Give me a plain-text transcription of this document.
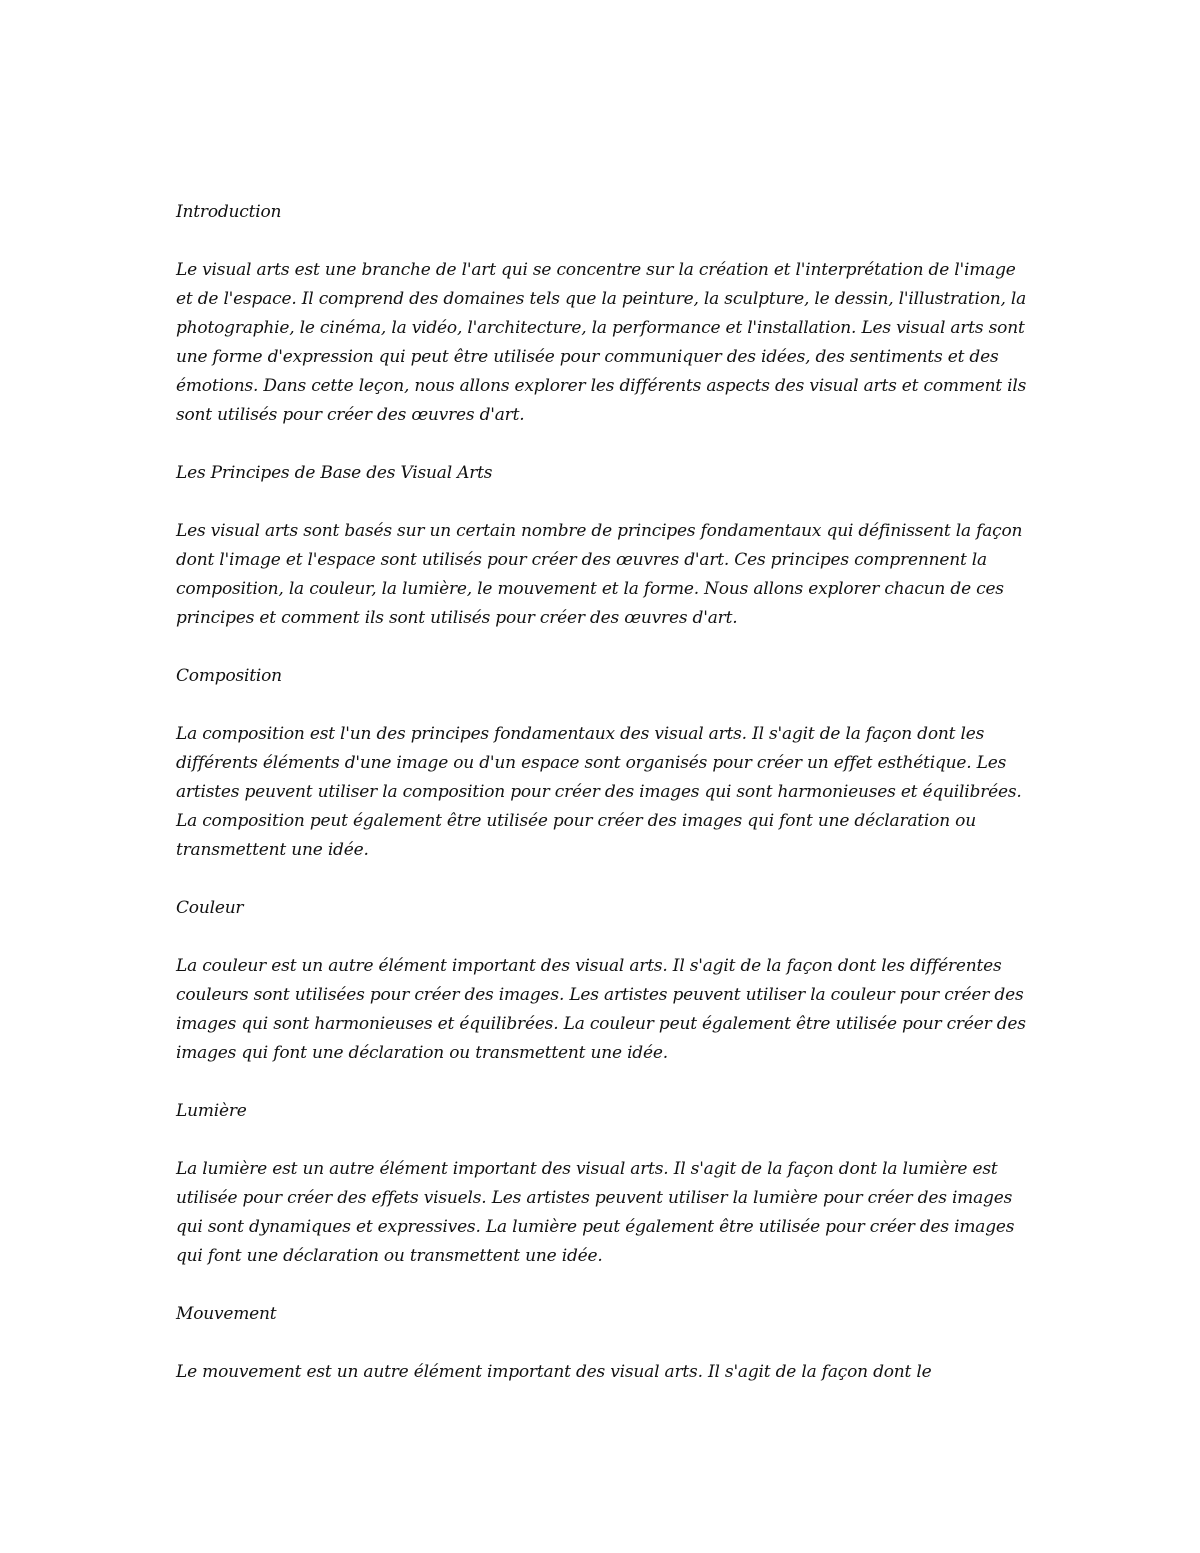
Introduction

Le visual arts est une branche de l'art qui se concentre sur la création et l'interprétation de l'image et de l'espace. Il comprend des domaines tels que la peinture, la sculpture, le dessin, l'illustration, la photographie, le cinéma, la vidéo, l'architecture, la performance et l'installation. Les visual arts sont une forme d'expression qui peut être utilisée pour communiquer des idées, des sentiments et des émotions. Dans cette leçon, nous allons explorer les différents aspects des visual arts et comment ils sont utilisés pour créer des œuvres d'art.

Les Principes de Base des Visual Arts

Les visual arts sont basés sur un certain nombre de principes fondamentaux qui définissent la façon dont l'image et l'espace sont utilisés pour créer des œuvres d'art. Ces principes comprennent la composition, la couleur, la lumière, le mouvement et la forme. Nous allons explorer chacun de ces principes et comment ils sont utilisés pour créer des œuvres d'art.

Composition

La composition est l'un des principes fondamentaux des visual arts. Il s'agit de la façon dont les différents éléments d'une image ou d'un espace sont organisés pour créer un effet esthétique. Les artistes peuvent utiliser la composition pour créer des images qui sont harmonieuses et équilibrées. La composition peut également être utilisée pour créer des images qui font une déclaration ou transmettent une idée.

Couleur

La couleur est un autre élément important des visual arts. Il s'agit de la façon dont les différentes couleurs sont utilisées pour créer des images. Les artistes peuvent utiliser la couleur pour créer des images qui sont harmonieuses et équilibrées. La couleur peut également être utilisée pour créer des images qui font une déclaration ou transmettent une idée.

Lumière

La lumière est un autre élément important des visual arts. Il s'agit de la façon dont la lumière est utilisée pour créer des effets visuels. Les artistes peuvent utiliser la lumière pour créer des images qui sont dynamiques et expressives. La lumière peut également être utilisée pour créer des images qui font une déclaration ou transmettent une idée.

Mouvement

Le mouvement est un autre élément important des visual arts. Il s'agit de la façon dont le
